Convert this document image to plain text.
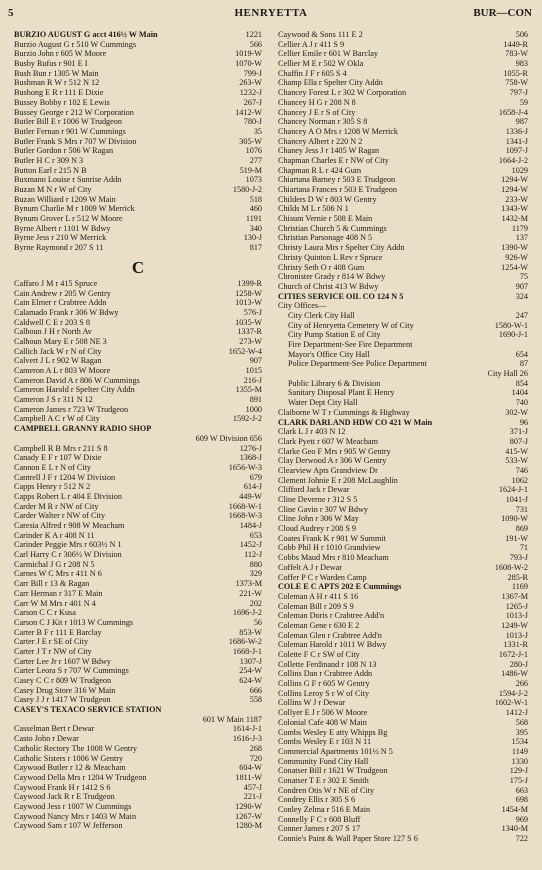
5	HENRYETTA	BUR—CON
BURZIO AUGUST G acct 416½ W Main	1221
Burzio August G r 510 W Cummings	566
Burzio John r 605 W Moore	1019-W
Busby Rufus r 901 E I	1070-W
Bush Bun r 1305 W Main	799-J
Bushman R W r 512 N 12	263-W
Bushong E R r 111 E Dixie	1232-J
Bussey Bobby r 102 E Lewis	267-J
Bussey George r 212 W Corporation	1412-W
Butler Bill E r 1006 W Trudgeon	780-J
Butler Fernan r 901 W Cummings	35
Butler Frank S Mrs r 707 W Division	305-W
Butler Gordon r 506 W Ragan	1076
Butler H C r 309 N 3	277
Button Earl r 215 N B	519-M
Buxmann Louise r Sunrise Addn	1073
Buzan M N r W of City	1580-J-2
Buzan Williard r 1209 W Main	518
Bynum Charlie M r 1009 W Merrick	460
Bynum Grover L r 512 W Moore	1191
Byrne Albert r 1101 W Bdwy	340
Byrne Jess r 210 W Merrick	130-J
Byrne Raymond r 207 S 11	817
C
Caffaro J M r 415 Spruce	1399-R
Cain Andrew r 205 W Gentry	1258-W
Cain Elmer r Crabtree Addn	1013-W
Calamado Frank r 306 W Bdwy	576-J
Caldwell C E r 203 S 8	1035-W
Calhoun J H r North Av	1337-R
Calhoun Mary E r 508 NE 3	273-W
Callich Jack W r N of City	1652-W-4
Calvert J L r 902 W Ragan	907
Cameron A L r 803 W Moore	1015
Cameron David A r 806 W Cummings	216-J
Cameron Harold r Spelter City Addn	1355-M
Cameron J S r 311 N 12	891
Cameron James r 723 W Trudgeon	1000
Campbell A C r W of City	1592-J-2
CAMPBELL GRANNY RADIO SHOP
609 W Division 656
Campbell R B Mrs r 211 S 8	1276-J
Canady E F r 107 W Dixie	1368-J
Cannon E L r N of City	1656-W-3
Cantrell J F r 1204 W Division	679
Capps Henry r 512 N 2	614-J
Capps Robert L r 404 E Division	449-W
Carder M R r NW of City	1668-W-1
Carder Walter r NW of City	1668-W-3
Caresia Alfred r 908 W Meacham	1484-J
Carinder K A r 408 N 11	653
Carinder Peggie Mrs r 603½ N 1	1452-J
Carl Harry C r 306½ W Division	112-J
Carmichal J G r 208 N 5	880
Carnes W C Mrs r 411 N 6	329
Carr Bill r 13 & Ragan	1373-M
Carr Herman r 317 E Main	221-W
Carr W M Mrs r 401 N 4	202
Carson C C r Kusa	1696-J-2
Carson C J Kit r 1013 W Cummings	56
Carter B F r 111 E Barclay	853-W
Carter J E r SE of City	1686-W-2
Carter J T r NW of City	1668-J-1
Carter Lee Jr r 1607 W Bdwy	1307-J
Carter Leora S r 707 W Cummings	254-W
Casey C C r 809 W Trudgeon	624-W
Casey Drug Store 316 W Main	666
Casey J J r 1417 W Trudgeon	558
CASEY'S TEXACO SERVICE STATION
601 W Main 1187
Casselman Bert r Dewar	1614-J-1
Casto John r Dewar	1616-J-3
Catholic Rectory The 1008 W Gentry	268
Catholic Sisters r 1006 W Gentry	720
Caywood Butler r 12 & Meacham	604-W
Caywood Della Mrs r 1204 W Trudgeon	1811-W
Caywood Frank H r 1412 S 6	457-J
Caywood Jack R r E Trudgeon	221-J
Caywood Jess r 1007 W Cummings	1290-W
Caywood Nancy Mrs r 1403 W Main	1267-W
Caywood Sam r 107 W Jefferson	1280-M
Caywood & Sons 111 E 2	506
Cellier A J r 411 S 9	1449-R
Cellier Emile r 601 W Barclay	783-W
Cellier M E r 502 W Okla	983
Chaffin J F r 605 S 4	1055-R
Champ Ella r Spelter City Addn	758-W
Chancey Forest L r 302 W Corporation	797-J
Chancey H G r 208 N 8	59
Chancey J E r S of City	1658-J-4
Chancey Norman r 305 S 8	987
Chancey A O Mrs r 1208 W Merrick	1336-J
Chancey Albert r 220 N 2	1341-J
Chaney Jess J r 1405 W Ragan	1097-J
Chapman Charles E r NW of City	1664-J-2
Chapman R L r 424 Gum	1029
Chiartana Barney r 503 E Trudgeon	1294-W
Chiartana Frances r 503 E Trudgeon	1294-W
Childers D W r 803 W Gentry	233-W
Childs M L r 506 N 1	1343-W
Chisum Vernie r 508 E Main	1432-M
Christian Church 5 & Cummings	1179
Christian Parsonage 408 N 5	137
Christy Laura Mrs r Spelter City Addn	1390-W
Christy Quinton L Rev r Spruce	926-W
Christy Seth O r 408 Gum	1254-W
Chronister Grady r 814 W Bdwy	75
Church of Christ 413 W Bdwy	907
CITIES SERVICE OIL CO 124 N 5	324
City Offices—
City Clerk City Hall	247
City of Henryetta Cemetery W of City	1580-W-1
City Pump Station E of City	1690-J-1
Fire Department-See Fire Department
Mayor's Office City Hall	654
Police Department-See Police Department	87
City Hall 26
Public Library 6 & Division	854
Sanitary Disposal Plant E Henry	1404
Water Dept City Hall	740
Claiborne W T r Cummings & Highway	302-W
CLARK DARLAND HDW CO 421 W Main	96
Clark L J r 403 N 12	371-J
Clark Pyett r 607 W Meacham	807-J
Clarke Geo F Mrs r 905 W Gentry	415-W
Clay Derwood A r 306 W Gentry	533-W
Clearview Apts Grandview Dr	746
Clement Johnie E r 208 McLaughlin	1062
Clifford Jack r Dewar	1624-J-1
Cline Deverne r 312 S 5	1041-J
Cline Gavin r 307 W Bdwy	731
Cline John r 306 W May	1090-W
Cloud Audrey r 208 S 9	869
Coates Frank K r 901 W Summit	191-W
Cobb Phil H r 1010 Grandview	71
Cobbs Maud Mrs r 810 Meacham	793-J
Coffelt A J r Dewar	1608-W-2
Coffer P C r Warden Camp	285-R
COLE E C APTS 202 E Cummings	1169
Coleman A H r 411 S 16	1367-M
Coleman Bill r 209 S 9	1265-J
Coleman Doris r Crabtree Add'n	1013-J
Coleman Gene r 630 E 2	1249-W
Coleman Glen r Crabtree Add'n	1013-J
Coleman Harold r 1011 W Bdwy	1331-R
Colette F C r SW of City	1672-J-1
Collette Ferdinand r 108 N 13	280-J
Collins Dan r Crabtree Addn	1486-W
Collins G F r 605 W Gentry	266
Collins Leroy S r W of City	1594-J-2
Collins W J r Dewar	1602-W-1
Collyer E J r 506 W Moore	1412-J
Colonial Cafe 408 W Main	568
Combs Wesley E atty Whipps Bg	395
Combs Wesley E r 103 N 11	1534
Commercial Apartments 101½ N 5	1149
Community Fund City Hall	1330
Conatser Bill r 1621 W Trudgeon	129-J
Conatser T E r 302 E Smith	175-J
Condren Otis W r NE of City	663
Condrey Ellis r 305 S 6	698
Conley Zelma r 516 E Main	1454-M
Connelly F C r 608 Bluff	969
Conner James r 207 S 17	1340-M
Connie's Paint & Wall Paper Store 127 S 6	722
